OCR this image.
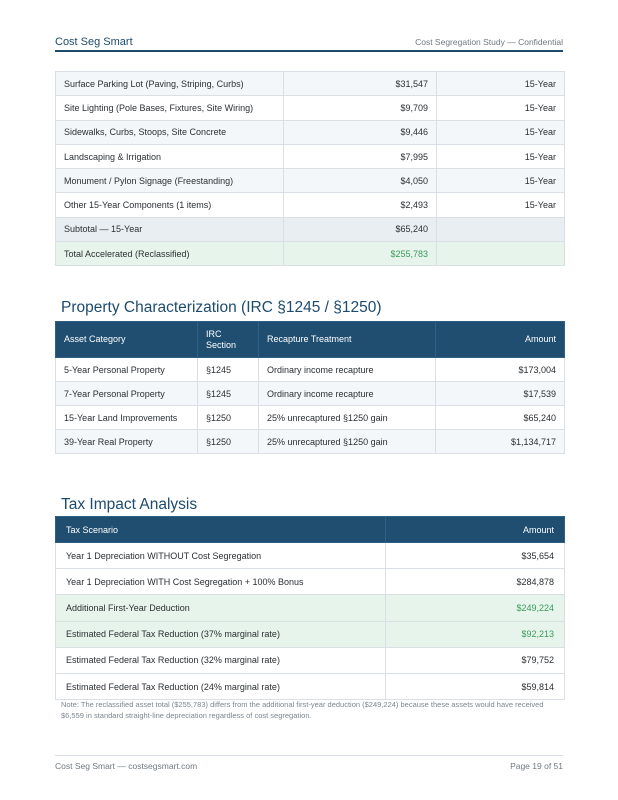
Cost Seg Smart	Cost Segregation Study — Confidential
Surface Parking Lot (Paving, Striping, Curbs)	$31,547	15-Year
Site Lighting (Pole Bases, Fixtures, Site Wiring)	$9,709	15-Year
Sidewalks, Curbs, Stoops, Site Concrete	$9,446	15-Year
Landscaping & Irrigation	$7,995	15-Year
Monument / Pylon Signage (Freestanding)	$4,050	15-Year
Other 15-Year Components (1 items)	$2,493	15-Year
Subtotal — 15-Year	$65,240	
Total Accelerated (Reclassified)	$255,783	
Property Characterization (IRC §1245 / §1250)
Asset Category	IRC Section	Recapture Treatment	Amount
5-Year Personal Property	§1245	Ordinary income recapture	$173,004
7-Year Personal Property	§1245	Ordinary income recapture	$17,539
15-Year Land Improvements	§1250	25% unrecaptured §1250 gain	$65,240
39-Year Real Property	§1250	25% unrecaptured §1250 gain	$1,134,717
Tax Impact Analysis
Tax Scenario	Amount
Year 1 Depreciation WITHOUT Cost Segregation	$35,654
Year 1 Depreciation WITH Cost Segregation + 100% Bonus	$284,878
Additional First-Year Deduction	$249,224
Estimated Federal Tax Reduction (37% marginal rate)	$92,213
Estimated Federal Tax Reduction (32% marginal rate)	$79,752
Estimated Federal Tax Reduction (24% marginal rate)	$59,814
Note: The reclassified asset total ($255,783) differs from the additional first-year deduction ($249,224) because these assets would have received $6,559 in standard straight-line depreciation regardless of cost segregation.
Cost Seg Smart — costsegsmart.com	Page 19 of 51
